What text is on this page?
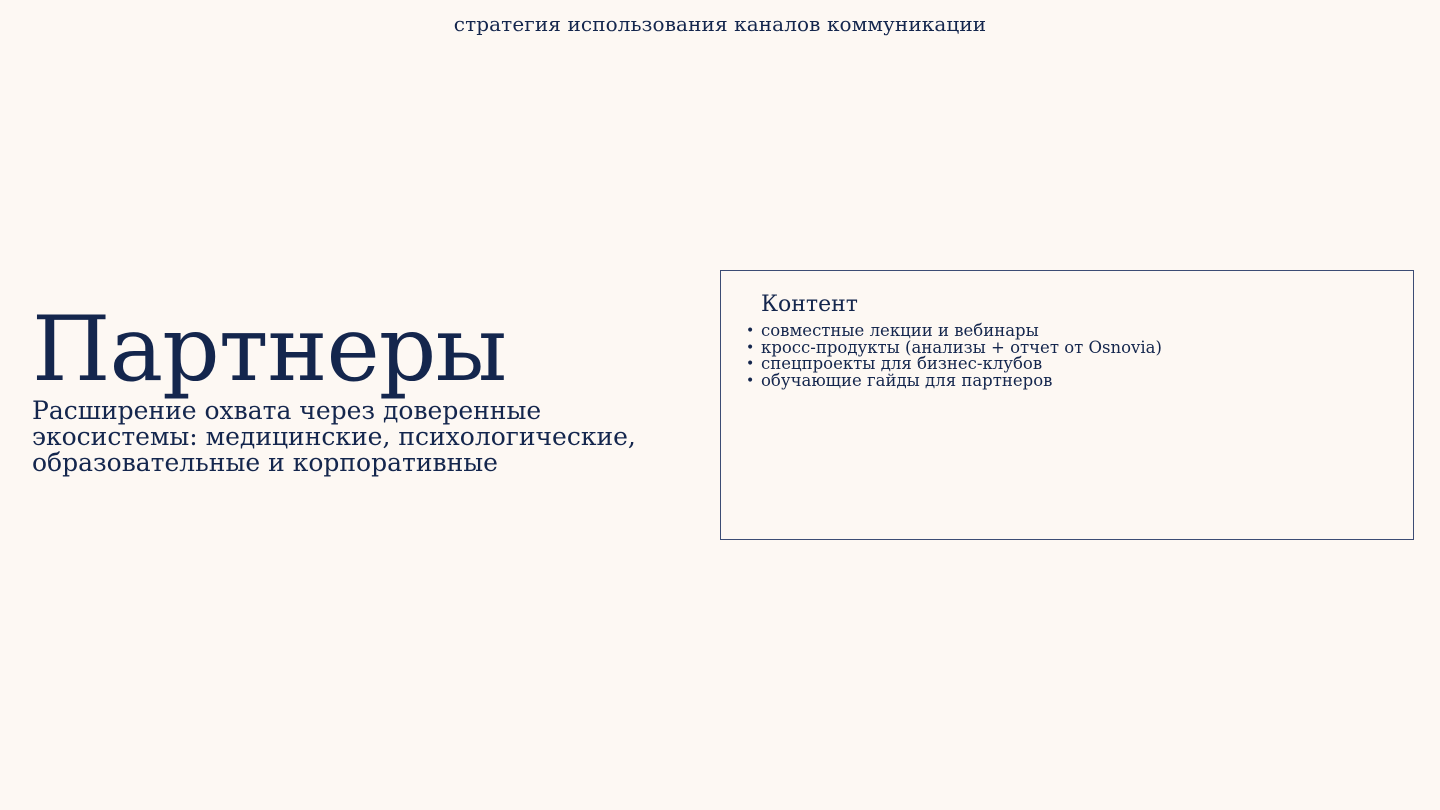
стратегия использования каналов коммуникации
Партнеры

Расширение охвата через доверенные экосистемы: медицинские, психологические, образовательные и корпоративные

Контент
• совместные лекции и вебинары
• кросс-продукты (анализы + отчет от Osnovia)
• спецпроекты для бизнес-клубов
• обучающие гайды для партнеров
